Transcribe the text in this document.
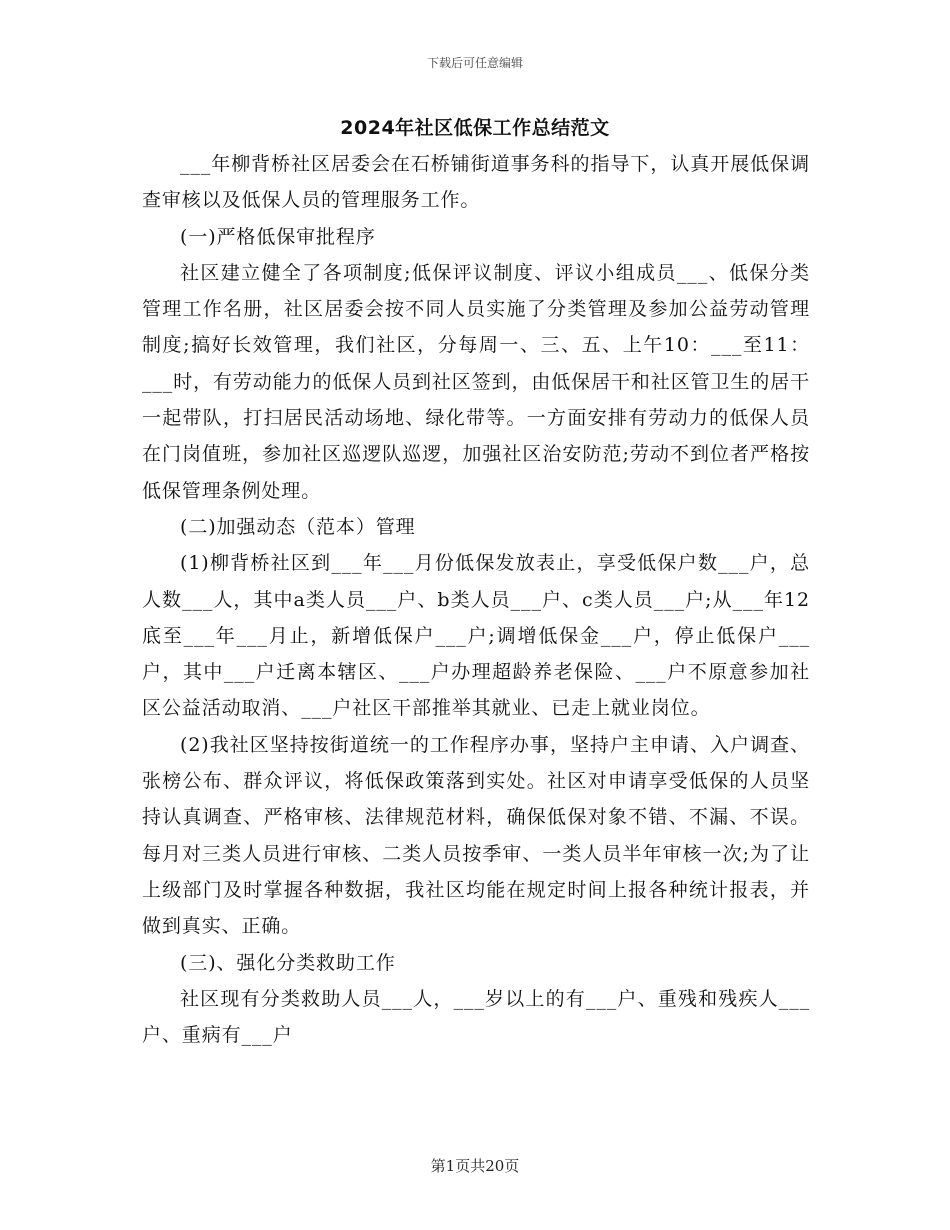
下载后可任意编辑
2024年社区低保工作总结范文

___年柳背桥社区居委会在石桥铺街道事务科的指导下，认真开展低保调查审核以及低保人员的管理服务工作。

(一)严格低保审批程序

社区建立健全了各项制度;低保评议制度、评议小组成员___、低保分类管理工作名册，社区居委会按不同人员实施了分类管理及参加公益劳动管理制度;搞好长效管理，我们社区，分每周一、三、五、上午10：___至11：___时，有劳动能力的低保人员到社区签到，由低保居干和社区管卫生的居干一起带队，打扫居民活动场地、绿化带等。一方面安排有劳动力的低保人员在门岗值班，参加社区巡逻队巡逻，加强社区治安防范;劳动不到位者严格按低保管理条例处理。

(二)加强动态（范本）管理

(1)柳背桥社区到___年___月份低保发放表止，享受低保户数___户，总人数___人，其中a类人员___户、b类人员___户、c类人员___户;从___年12底至___年___月止，新增低保户___户;调增低保金___户，停止低保户___户，其中___户迁离本辖区、___户办理超龄养老保险、___户不原意参加社区公益活动取消、___户社区干部推举其就业、已走上就业岗位。

(2)我社区坚持按街道统一的工作程序办事，坚持户主申请、入户调查、张榜公布、群众评议，将低保政策落到实处。社区对申请享受低保的人员坚持认真调查、严格审核、法律规范材料，确保低保对象不错、不漏、不误。每月对三类人员进行审核、二类人员按季审、一类人员半年审核一次;为了让上级部门及时掌握各种数据，我社区均能在规定时间上报各种统计报表，并做到真实、正确。

(三)、强化分类救助工作

社区现有分类救助人员___人，___岁以上的有___户、重残和残疾人___户、重病有___户

第1页共20页
